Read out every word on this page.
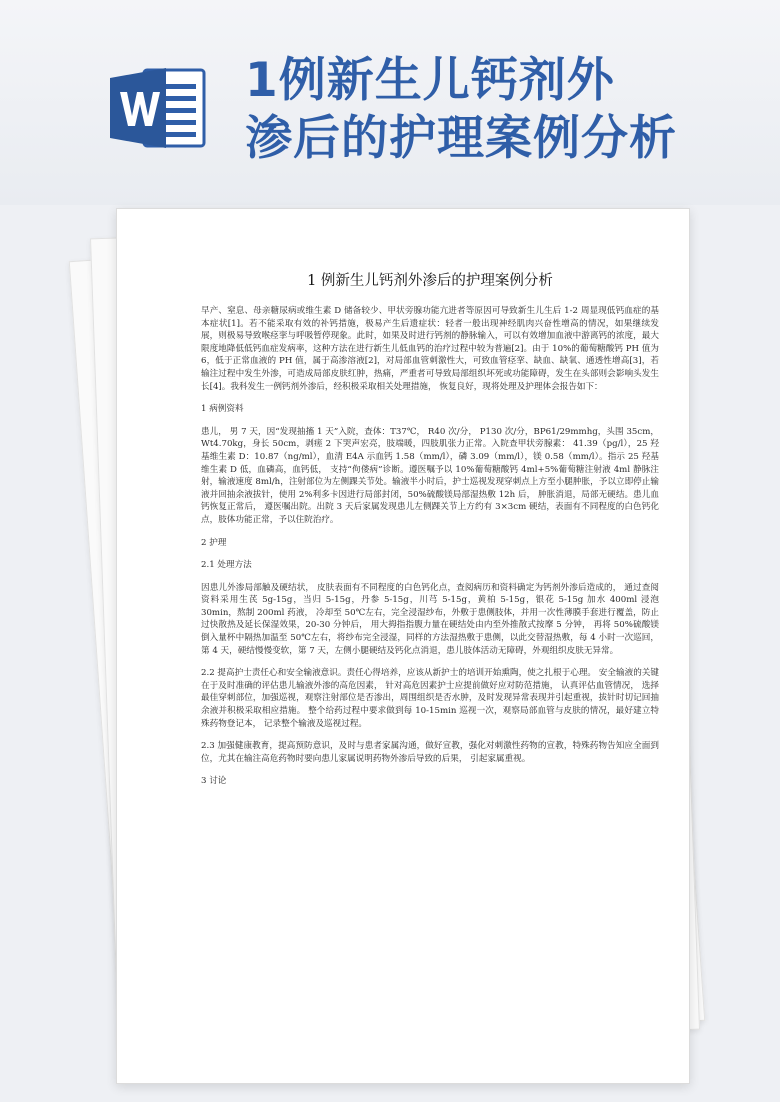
1例新生儿钙剂外
渗后的护理案例分析
1 例新生儿钙剂外渗后的护理案例分析

早产、窒息、母亲糖尿病或维生素 D 储备较少、甲状旁腺功能亢进者等原因可导致新生儿生后 1-2 周显现低钙血症的基本症状[1]。若不能采取有效的补钙措施，极易产生后遗症状：轻者一般出现神经肌肉兴奋性增高的情况，如果继续发展，则极易导致喉痉挛与呼吸暂停现象。此时，如果及时进行钙剂的静脉输入，可以有效增加血液中游离钙的浓度，最大限度地降低低钙血症发病率，这种方法在进行新生儿低血钙的治疗过程中较为普遍[2]。由于 10%的葡萄糖酸钙 PH 值为 6，低于正常血液的 PH 值，属于高渗溶液[2]，对局部血管刺激性大，可致血管痉挛、缺血、缺氧、通透性增高[3]，若输注过程中发生外渗，可造成局部皮肤红肿，热痛，严重者可导致局部组织坏死或功能障碍，发生在头部则会影响头发生长[4]。我科发生一例钙剂外渗后，经积极采取相关处理措施， 恢复良好，现将处理及护理体会报告如下：

1 病例资料

患儿， 男 7 天，因“发现抽搐 1 天”入院，查体：T37℃， R40 次/分， P130 次/分，BP61/29mmhg，头围 35cm，Wt4.70kg，身长 50cm，剥瘥 2 下哭声宏亮，肢端暖，四肢肌张力正常。入院查甲状旁腺素： 41.39（pg/l），25 羟基维生素 D：10.87（ng/ml），血清 E4A 示血钙 1.58（mm/l），磷 3.09（mm/l），镁 0.58（mm/l）。指示 25 羟基维生素 D 低，血磷高，血钙低， 支持“佝偻病”诊断。遵医嘱予以 10%葡萄糖酸钙 4ml+5%葡萄糖注射液 4ml 静脉注射，输液速度 8ml/h，注射部位为左侧踝关节处。输液半小时后，护士巡视发现穿刺点上方至小腿肿胀，予以立即停止输液并回抽余液拔针，使用 2%利多卡因进行局部封闭，50%硫酸镁局部湿热敷 12h 后， 肿胀消退，局部无硬结。患儿血钙恢复正常后， 遵医嘱出院。出院 3 天后家属发现患儿左侧踝关节上方约有 3×3cm 硬结，表面有不同程度的白色钙化点，肢体功能正常，予以住院治疗。

2 护理

2.1 处理方法

因患儿外渗局部触及硬结状， 皮肤表面有不同程度的白色钙化点，查阅病历和资料确定为钙剂外渗后造成的， 通过查阅资料采用生芪 5g-15g，当归 5-15g，丹参 5-15g，川芎 5-15g，黄柏 5-15g，银花 5-15g 加水 400ml 浸泡 30min，熬制 200ml 药液， 冷却至 50℃左右，完全浸湿纱布，外敷于患侧肢体，并用一次性薄膜手套进行覆盖，防止过快散热及延长保湿效果，20-30 分钟后， 用大拇指指腹力量在硬结处由内至外推散式按摩 5 分钟， 再将 50%硫酸镁倒入量杯中隔热加温至 50℃左右，将纱布完全浸湿，同样的方法湿热敷于患侧，以此交替湿热敷，每 4 小时一次巡回，第 4 天，硬结慢慢变软，第 7 天，左侧小腿硬结及钙化点消退，患儿肢体活动无障碍，外观组织皮肤无异常。

2.2 提高护士责任心和安全输液意识。责任心得培养，应该从新护士的培训开始熏陶，使之扎根于心理。 安全输液的关键在于及时准确的评估患儿输液外渗的高危因素， 针对高危因素护士应提前做好应对防范措施， 认真评估血管情况， 选择最佳穿刺部位，加强巡视，观察注射部位是否渗出，周围组织是否水肿，及时发现异常表现并引起重视，拔针时切记回抽余液并积极采取相应措施。 整个给药过程中要求做到每 10-15min 巡视一次，观察局部血管与皮肤的情况，最好建立特殊药物登记本， 记录整个输液及巡视过程。

2.3 加强健康教育，提高预防意识，及时与患者家属沟通，做好宣教，强化对刺激性药物的宣教，特殊药物告知应全面到位，尤其在输注高危药物时要向患儿家属说明药物外渗后导致的后果， 引起家属重视。

3 讨论
